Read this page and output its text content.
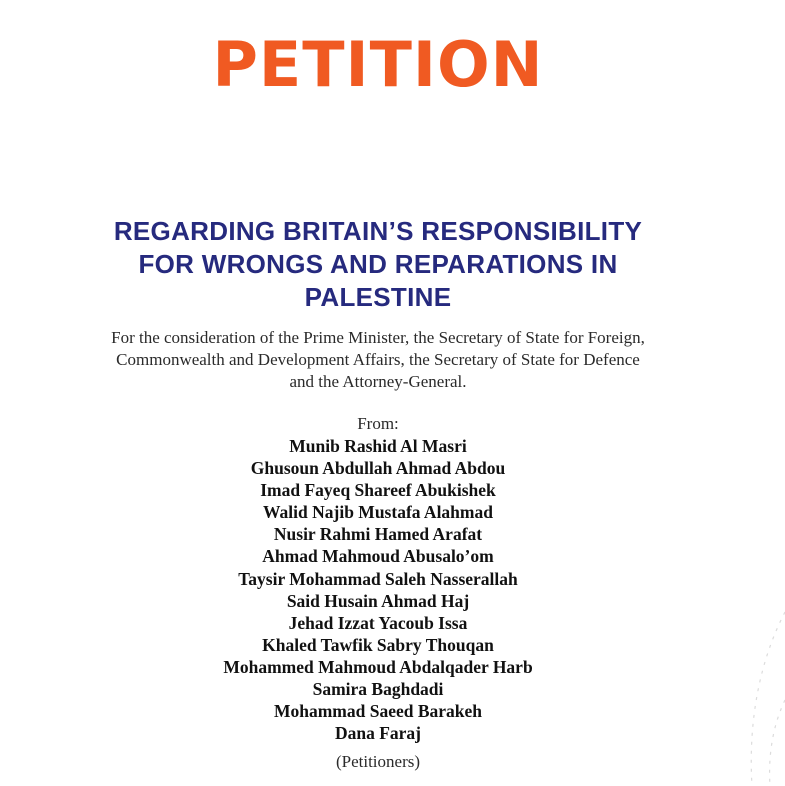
PETITION
REGARDING BRITAIN’S RESPONSIBILITY
FOR WRONGS AND REPARATIONS IN
PALESTINE
For the consideration of the Prime Minister, the Secretary of State for Foreign,
Commonwealth and Development Affairs, the Secretary of State for Defence
and the Attorney-General.
From:
Munib Rashid Al Masri
Ghusoun Abdullah Ahmad Abdou
Imad Fayeq Shareef Abukishek
Walid Najib Mustafa Alahmad
Nusir Rahmi Hamed Arafat
Ahmad Mahmoud Abusalo’om
Taysir Mohammad Saleh Nasserallah
Said Husain Ahmad Haj
Jehad Izzat Yacoub Issa
Khaled Tawfik Sabry Thouqan
Mohammed Mahmoud Abdalqader Harb
Samira Baghdadi
Mohammad Saeed Barakeh
Dana Faraj
(Petitioners)
